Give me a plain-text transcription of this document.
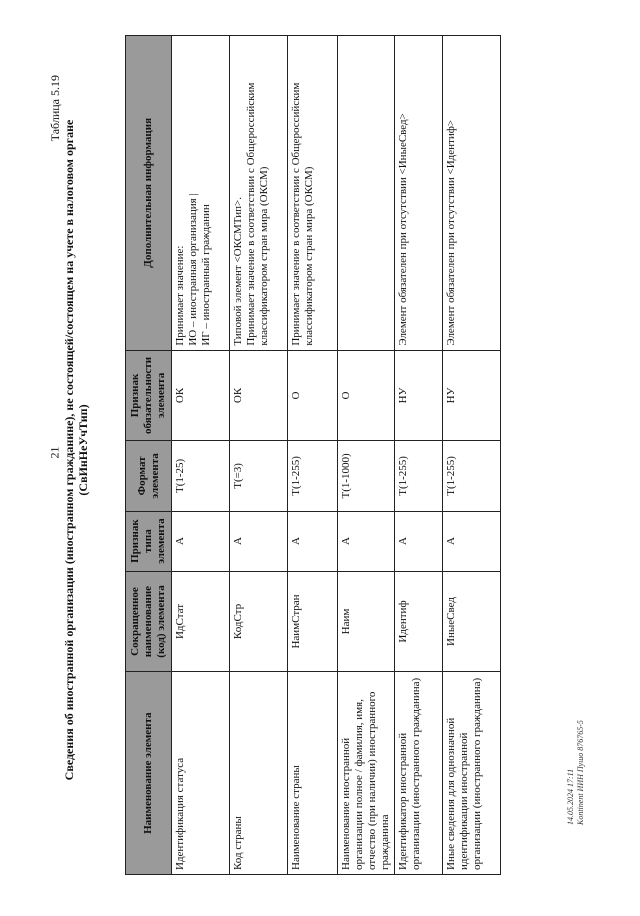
21
Таблица 5.19
Сведения об иностранной организации (иностранном гражданине), не состоящей/состоящем на учете в налоговом органе (СвИнНеУчТип)
Наименование элемента	Сокращенное наименование (код) элемента	Признак типа элемента	Формат элемента	Признак обязательности элемента	Дополнительная информация
Идентификация статуса	ИдСтат	А	T(1-25)	ОК	Принимает значение:
ИО – иностранная организация |
ИГ – иностранный гражданин
Код страны	КодСтр	А	T(=3)	ОК	Типовой элемент <ОКСМТип>.
Принимает значение в соответствии с Общероссийским классификатором стран мира (ОКСМ)
Наименование страны	НаимСтран	А	T(1-255)	О	Принимает значение в соответствии с Общероссийским классификатором стран мира (ОКСМ)
Наименование иностранной организации полное / фамилия, имя, отчество (при наличии) иностранного гражданина	Наим	А	T(1-1000)	О	
Идентификатор иностранной организации (иностранного гражданина)	Идентиф	А	T(1-255)	НУ	Элемент обязателен при отсутствии <ИныеСвед>
Иные сведения для однозначной идентификации иностранной организации (иностранного гражданина)	ИныеСвед	А	T(1-255)	НУ	Элемент обязателен при отсутствии <Идентиф>
14.05.2024 17:11 Kontinent ИИН Пушо 876765-5
